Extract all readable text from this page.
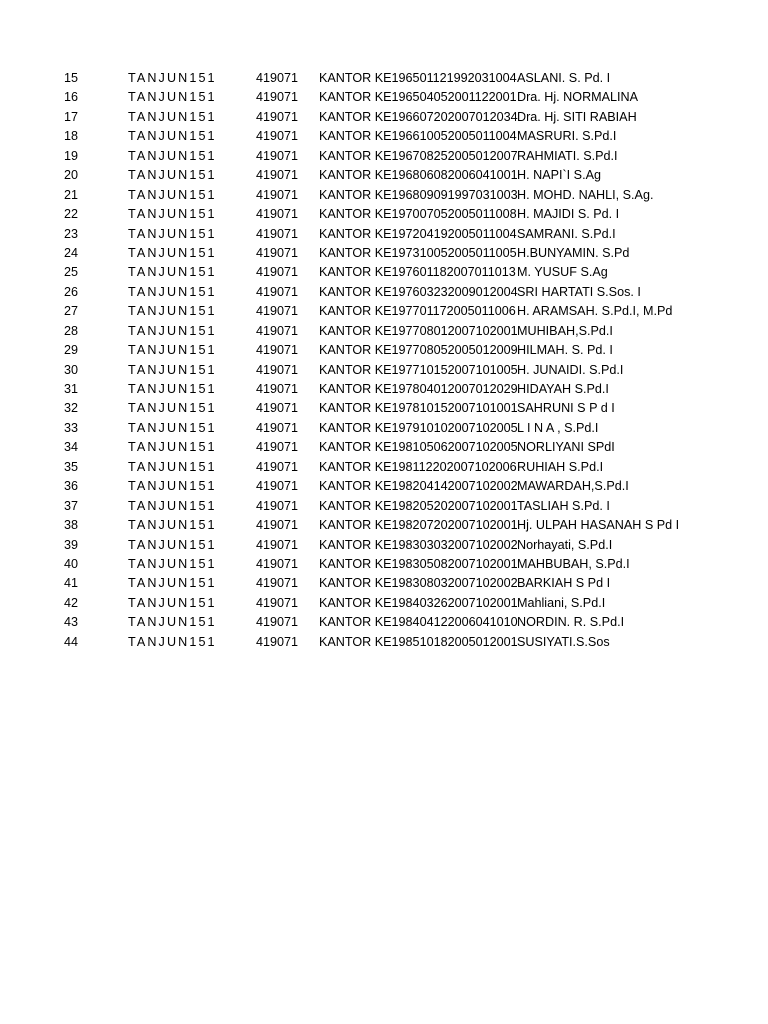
15	TANJUN151	419071 KANTOR KE196501121992031004 ASLANI. S. Pd. I
16	TANJUN151	419071 KANTOR KE196504052001122001 Dra. Hj. NORMALINA
17	TANJUN151	419071 KANTOR KE196607202007012034 Dra. Hj. SITI RABIAH
18	TANJUN151	419071 KANTOR KE196610052005011004 MASRURI. S.Pd.I
19	TANJUN151	419071 KANTOR KE196708252005012007 RAHMIATI. S.Pd.I
20	TANJUN151	419071 KANTOR KE196806082006041001 H. NAPI`I S.Ag
21	TANJUN151	419071 KANTOR KE196809091997031003 H. MOHD. NAHLI, S.Ag.
22	TANJUN151	419071 KANTOR KE197007052005011008 H. MAJIDI S. Pd. I
23	TANJUN151	419071 KANTOR KE197204192005011004 SAMRANI. S.Pd.I
24	TANJUN151	419071 KANTOR KE197310052005011005 H.BUNYAMIN. S.Pd
25	TANJUN151	419071 KANTOR KE197601182007011013 M. YUSUF S.Ag
26	TANJUN151	419071 KANTOR KE197603232009012004 SRI HARTATI S.Sos. I
27	TANJUN151	419071 KANTOR KE197701172005011006 H. ARAMSAH. S.Pd.I, M.Pd
28	TANJUN151	419071 KANTOR KE197708012007102001 MUHIBAH,S.Pd.I
29	TANJUN151	419071 KANTOR KE197708052005012009 HILMAH. S. Pd. I
30	TANJUN151	419071 KANTOR KE197710152007101005 H. JUNAIDI. S.Pd.I
31	TANJUN151	419071 KANTOR KE197804012007012029 HIDAYAH S.Pd.I
32	TANJUN151	419071 KANTOR KE197810152007101001 SAHRUNI S P d I
33	TANJUN151	419071 KANTOR KE197910102007102005 L I N A , S.Pd.I
34	TANJUN151	419071 KANTOR KE198105062007102005 NORLIYANI SPdI
35	TANJUN151	419071 KANTOR KE198112202007102006 RUHIAH S.Pd.I
36	TANJUN151	419071 KANTOR KE198204142007102002 MAWARDAH,S.Pd.I
37	TANJUN151	419071 KANTOR KE198205202007102001 TASLIAH S.Pd. I
38	TANJUN151	419071 KANTOR KE198207202007102001 Hj. ULPAH HASANAH S Pd I
39	TANJUN151	419071 KANTOR KE198303032007102002 Norhayati, S.Pd.I
40	TANJUN151	419071 KANTOR KE198305082007102001 MAHBUBAH, S.Pd.I
41	TANJUN151	419071 KANTOR KE198308032007102002 BARKIAH S Pd I
42	TANJUN151	419071 KANTOR KE198403262007102001 Mahliani, S.Pd.I
43	TANJUN151	419071 KANTOR KE198404122006041010 NORDIN. R. S.Pd.I
44	TANJUN151	419071 KANTOR KE198510182005012001 SUSIYATI.S.Sos
